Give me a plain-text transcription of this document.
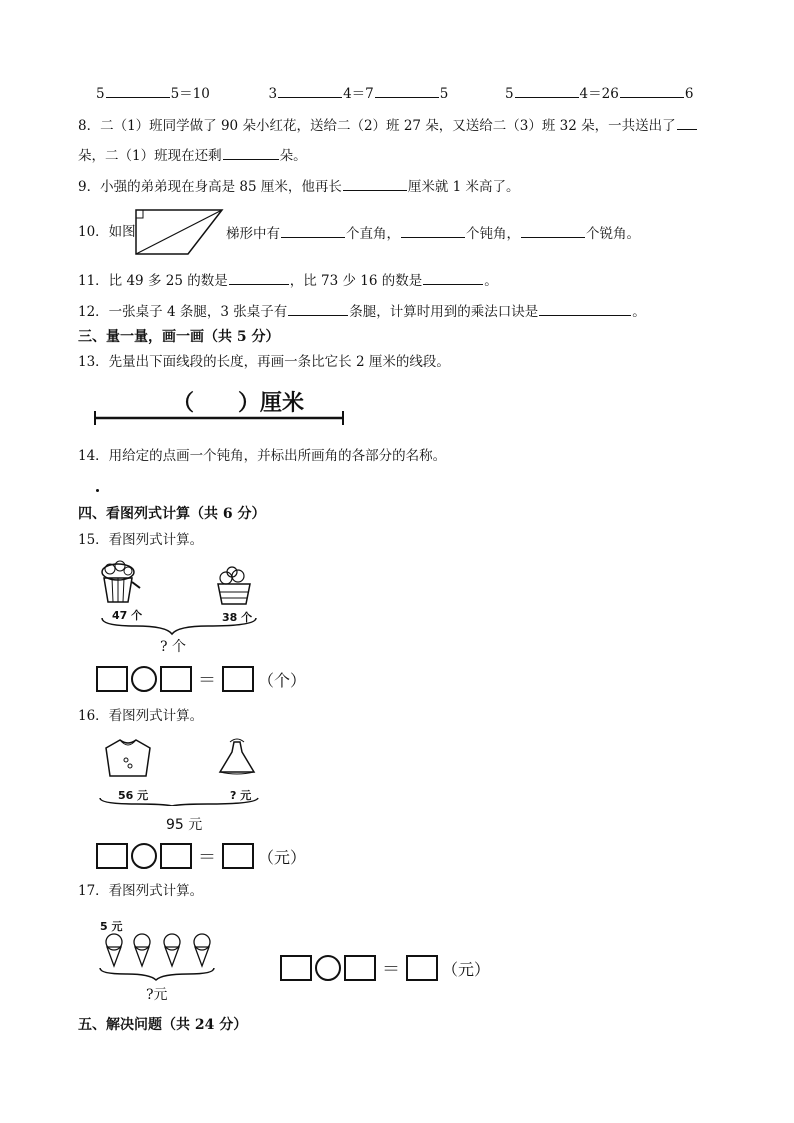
5	5＝10	3	4＝7	5	5	4＝26	6
8．二（1）班同学做了 90 朵小红花，送给二（2）班 27 朵，又送给二（3）班 32 朵，一共送出了
朵，二（1）班现在还剩	朵。
9．小强的弟弟现在身高是 85 厘米，他再长	厘米就 1 米高了。
10．如图	梯形中有	个直角，	个钝角，	个锐角。
11．比 49 多 25 的数是	，比 73 少 16 的数是	。
12．一张桌子 4 条腿，3 张桌子有	条腿，计算时用到的乘法口诀是	。
三、量一量，画一画（共 5 分）
13．先量出下面线段的长度，再画一条比它长 2 厘米的线段。
（　　）厘米
14．用给定的点画一个钝角，并标出所画角的各部分的名称。
四、看图列式计算（共 6 分）
15．看图列式计算。
47 个	38 个
? 个
＝	（个）
16．看图列式计算。
56 元	? 元
95 元
＝	（元）
17．看图列式计算。
5 元
?元
＝	（元）
五、解决问题（共 24 分）
